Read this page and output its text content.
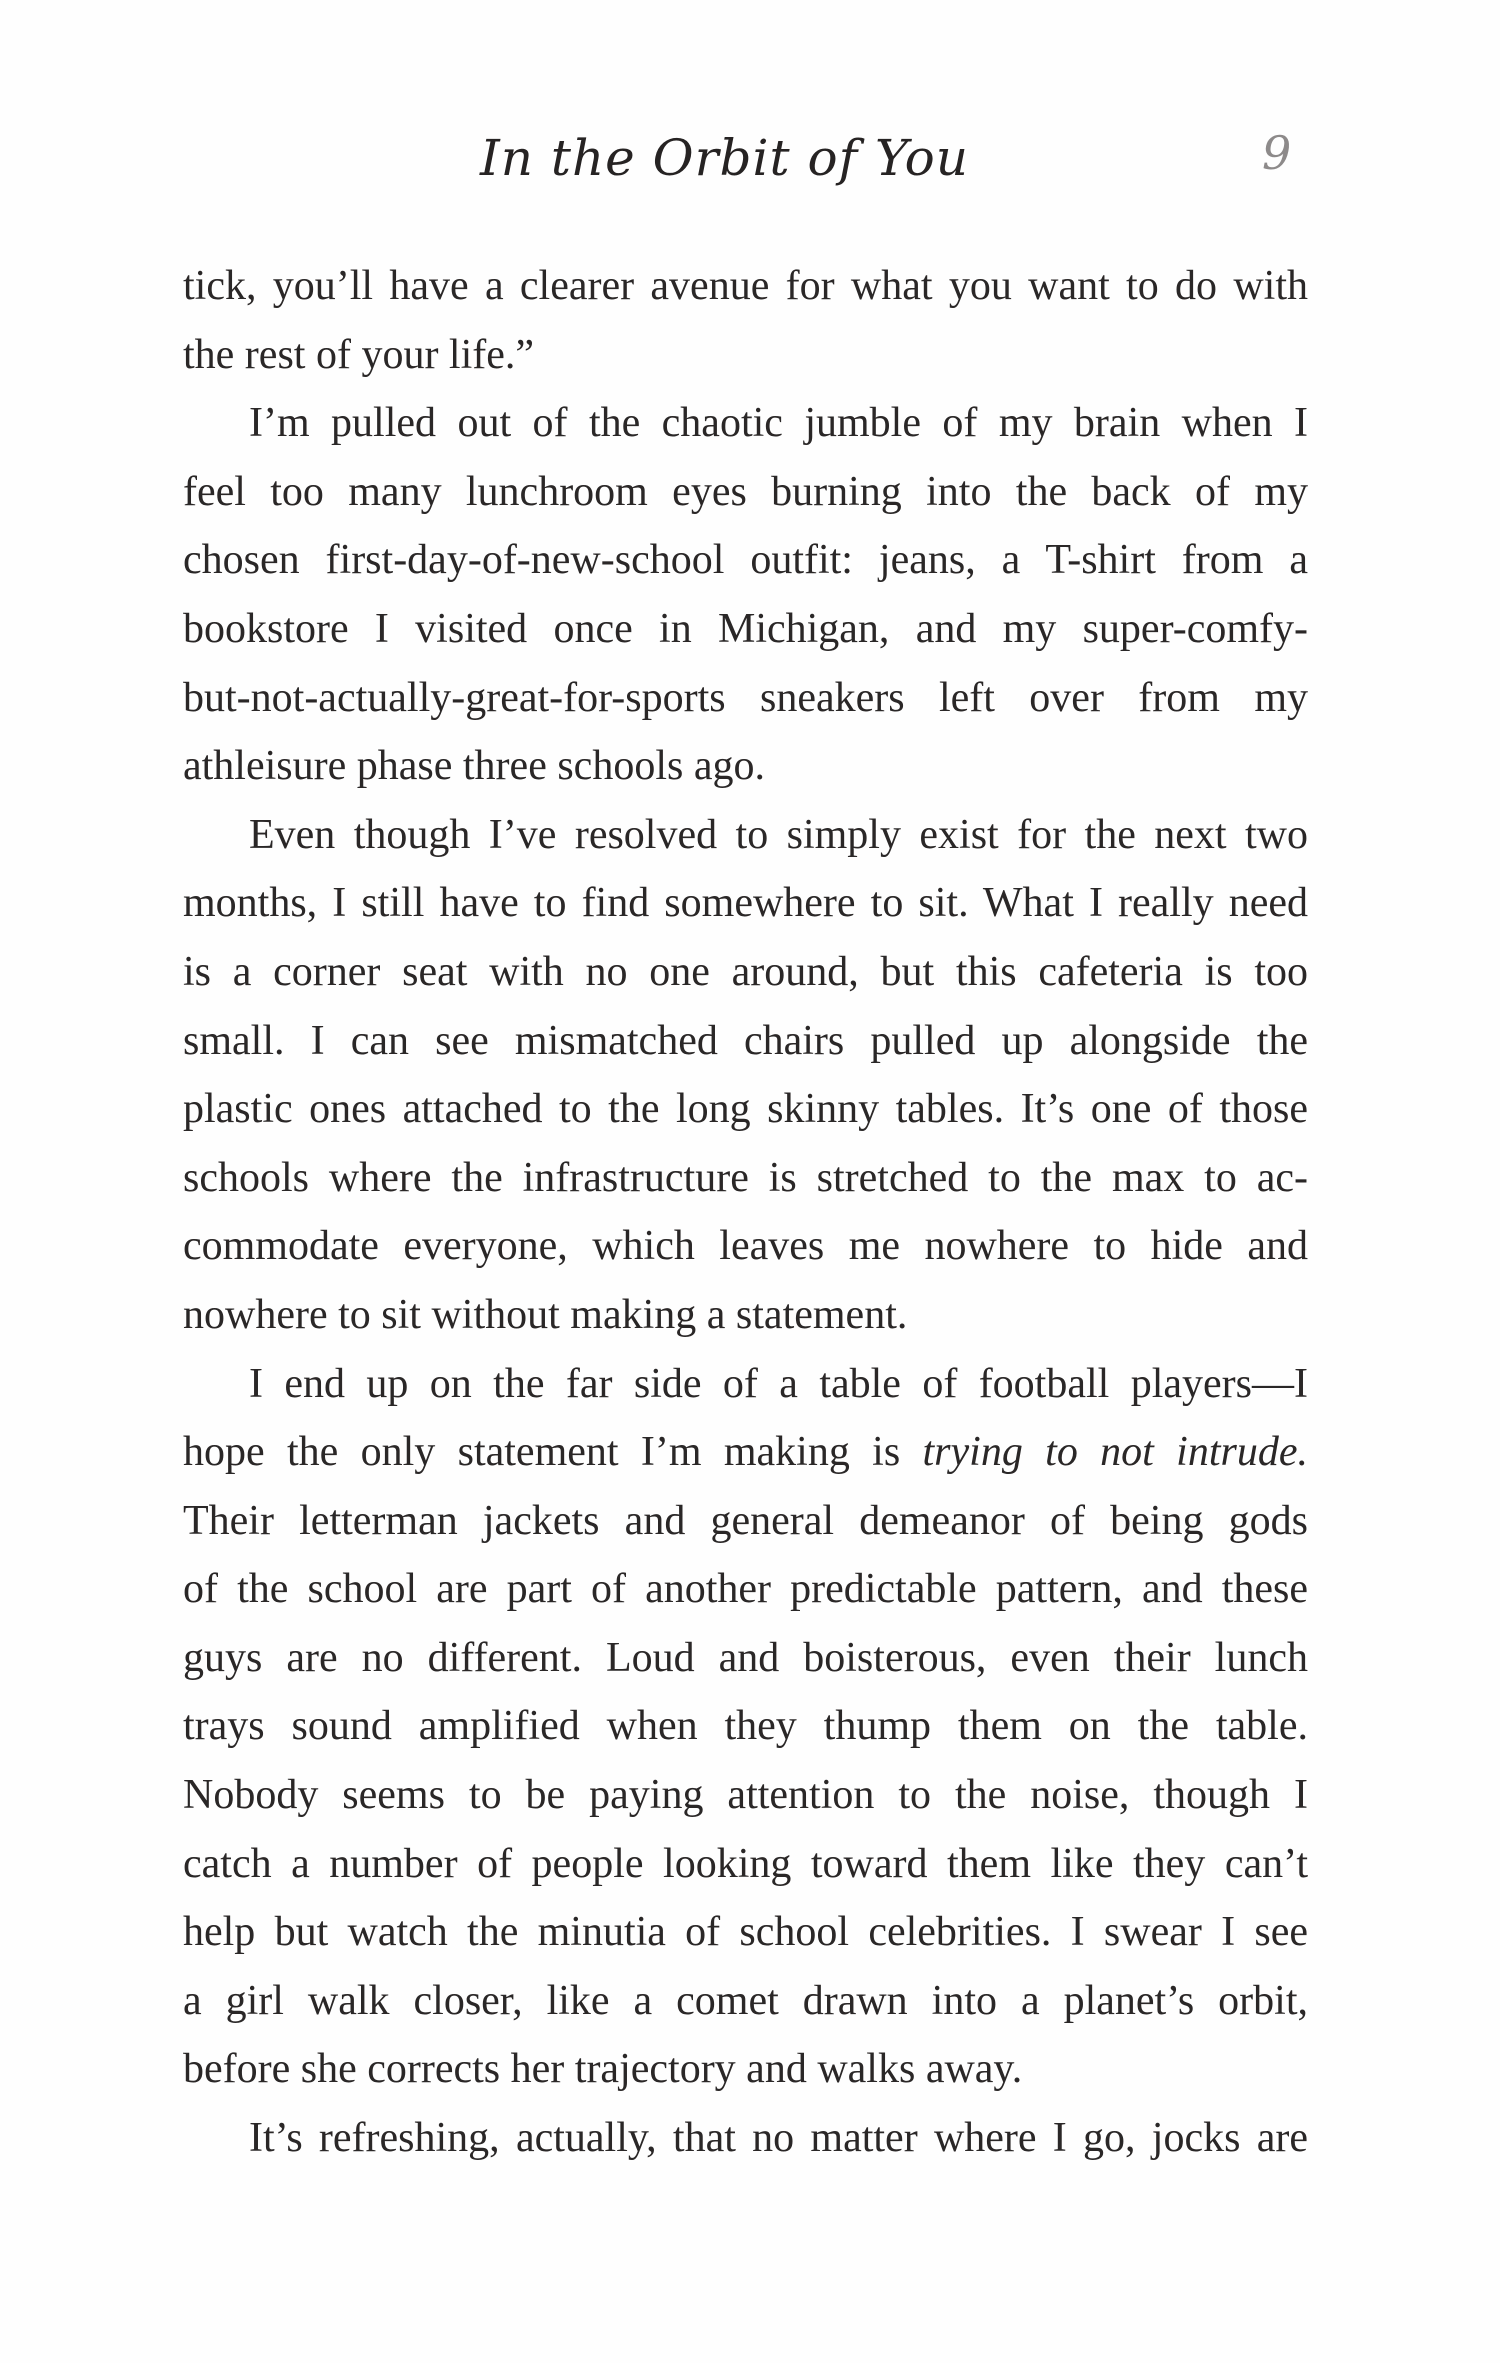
In the Orbit of You	9
tick, you’ll have a clearer avenue for what you want to do with
the rest of your life.”
I’m pulled out of the chaotic jumble of my brain when I
feel too many lunchroom eyes burning into the back of my
chosen first-day-of-new-school outfit: jeans, a T-shirt from a
bookstore I visited once in Michigan, and my super-comfy-
but-not-actually-great-for-sports sneakers left over from my
athleisure phase three schools ago.
Even though I’ve resolved to simply exist for the next two
months, I still have to find somewhere to sit. What I really need
is a corner seat with no one around, but this cafeteria is too
small. I can see mismatched chairs pulled up alongside the
plastic ones attached to the long skinny tables. It’s one of those
schools where the infrastructure is stretched to the max to ac-
commodate everyone, which leaves me nowhere to hide and
nowhere to sit without making a statement.
I end up on the far side of a table of football players—I
hope the only statement I’m making is trying to not intrude.
Their letterman jackets and general demeanor of being gods
of the school are part of another predictable pattern, and these
guys are no different. Loud and boisterous, even their lunch
trays sound amplified when they thump them on the table.
Nobody seems to be paying attention to the noise, though I
catch a number of people looking toward them like they can’t
help but watch the minutia of school celebrities. I swear I see
a girl walk closer, like a comet drawn into a planet’s orbit,
before she corrects her trajectory and walks away.
It’s refreshing, actually, that no matter where I go, jocks are
